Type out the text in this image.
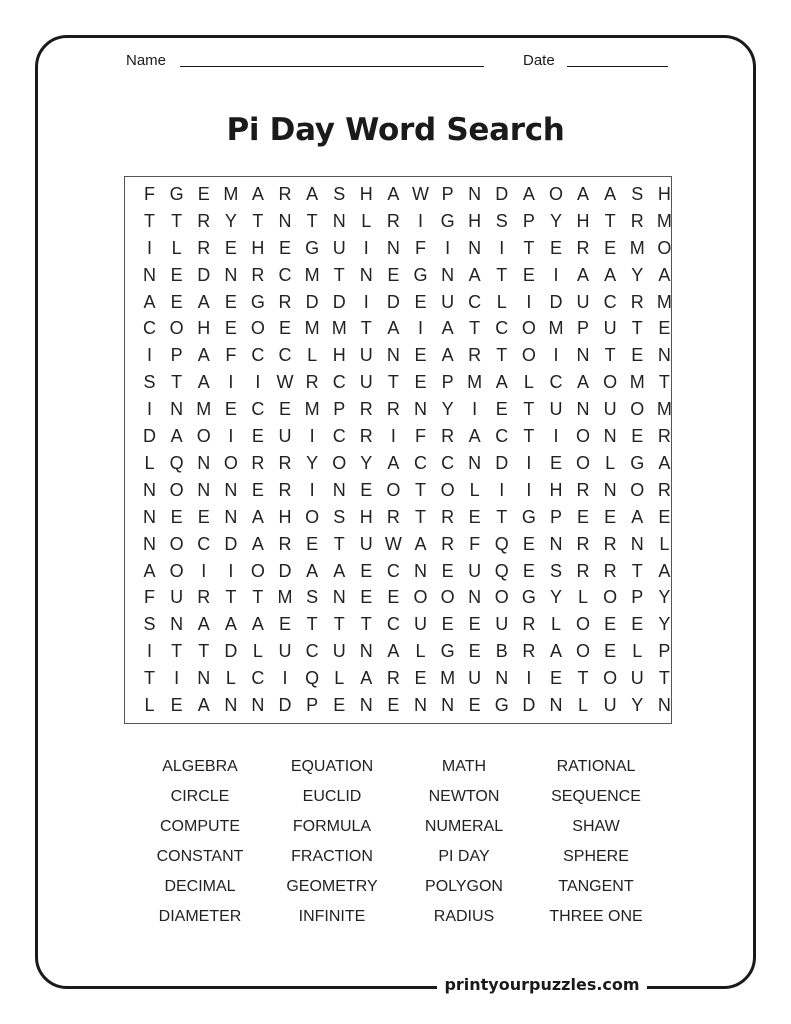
Name	Date
Pi Day Word Search
F G E M A R A S H A W P N D A O A A S H
T T R Y T N T N L R	I G H S P Y H T R M
I	L R E H E G U	I	N F	I	N	I	T E R E M O
N E D N R C M T N E G N A T E	I	A A Y A
A E A E G R D D	I	D E U C L	I	D U C R M
C O H E O E M M T A	I	A T C O M P U T E
I	P A F C C L H U N E A R T O I	N T E N
S T A	I	I W R C U T E P M A L C A O M T
I	N M E C E M P R R N Y	I	E T U N U O M
D A O I	E U	I	C R	I	F R A C T	I O N E R
L Q N O R R Y O Y A C C N D	I	E O L G A
N O N N E R	I	N E O T O L	I	I	H R N O R
N E E N A H O S H R T R E T G P E E A E
N O C D A R E T U W A R F Q E N R R N L
A O I	I O D A A E C N E U Q E S R R T A
F U R T T M S N E E O O N O G Y L O P Y
S N A A A E T T T C U E E U R L O E E Y
I	T T D L U C U N A L G E B R A O E L P
T	I	N L C	I Q L A R E M U N	I	E T O U T
L E A N N D P E N E N N E G D N L U Y N
ALGEBRA	EQUATION	MATH	RATIONAL
CIRCLE	EUCLID	NEWTON	SEQUENCE
COMPUTE	FORMULA	NUMERAL	SHAW
CONSTANT	FRACTION	PI DAY	SPHERE
DECIMAL	GEOMETRY	POLYGON	TANGENT
DIAMETER	INFINITE	RADIUS	THREE ONE
printyourpuzzles.com
